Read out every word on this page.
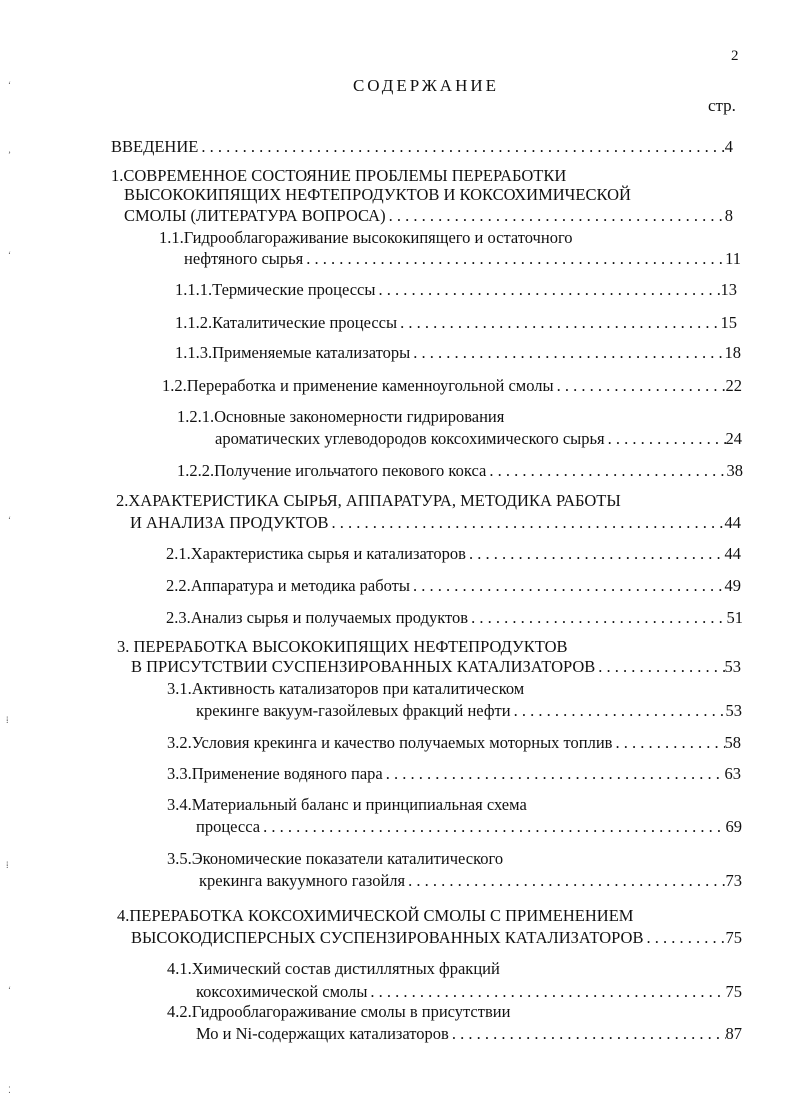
2
СОДЕРЖАНИЕ
стр.
ВВЕДЕНИЕ . . .	4
1.СОВРЕМЕННОЕ СОСТОЯНИЕ ПРОБЛЕМЫ ПЕРЕРАБОТКИ
ВЫСОКОКИПЯЩИХ НЕФТЕПРОДУКТОВ И КОКСОХИМИЧЕСКОЙ
СМОЛЫ (ЛИТЕРАТУРА ВОПРОСА) . . .	8
1.1.Гидрооблагораживание высококипящего и остаточного
нефтяного сырья . . .	11
1.1.1.Термические процессы . . .	13
1.1.2.Каталитические процессы . . .	15
1.1.3.Применяемые катализаторы . . .	18
1.2.Переработка и применение каменноугольной смолы . . .	22
1.2.1.Основные закономерности гидрирования
ароматических углеводородов коксохимического сырья . . .	24
1.2.2.Получение игольчатого пекового кокса . . .	38
2.ХАРАКТЕРИСТИКА СЫРЬЯ, АППАРАТУРА, МЕТОДИКА РАБОТЫ
И АНАЛИЗА ПРОДУКТОВ . . .	44
2.1.Характеристика сырья и катализаторов . . .	44
2.2.Аппаратура и методика работы . . .	49
2.3.Анализ сырья и получаемых продуктов . . .	51
3. ПЕРЕРАБОТКА ВЫСОКОКИПЯЩИХ НЕФТЕПРОДУКТОВ
В ПРИСУТСТВИИ СУСПЕНЗИРОВАННЫХ КАТАЛИЗАТОРОВ . . .	53
3.1.Активность катализаторов при каталитическом
крекинге вакуум-газойлевых фракций нефти . . .	53
3.2.Условия крекинга и качество получаемых моторных топлив . . .	58
3.3.Применение водяного пара . . .	63
3.4.Материальный баланс и принципиальная схема
процесса . . .	69
3.5.Экономические показатели каталитического
крекинга вакуумного газойля . . .	73
4.ПЕРЕРАБОТКА КОКСОХИМИЧЕСКОЙ СМОЛЫ С ПРИМЕНЕНИЕМ
ВЫСОКОДИСПЕРСНЫХ СУСПЕНЗИРОВАННЫХ КАТАЛИЗАТОРОВ . . .	75
4.1.Химический состав дистиллятных фракций
коксохимической смолы . . .	75
4.2.Гидрооблагораживание смолы в присутствии
Мо и Ni-содержащих катализаторов . . .	87
ʻ
ʼ
ʻ
ʻ
⁞
⁞
ʻ
⁚
